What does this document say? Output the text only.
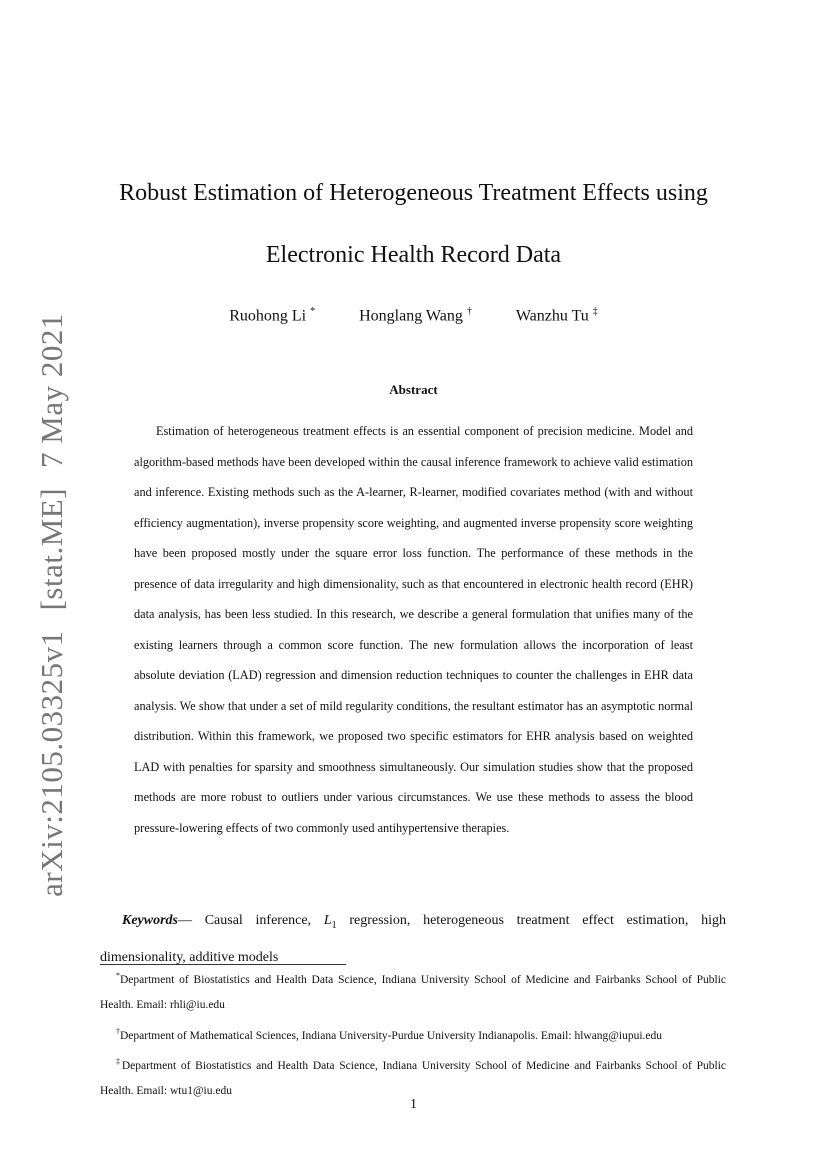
arXiv:2105.03325v1[stat.ME]7 May 2021
Robust Estimation of Heterogeneous Treatment Effects using
Electronic Health Record Data
Ruohong Li *	Honglang Wang †	Wanzhu Tu ‡
Abstract

Estimation of heterogeneous treatment effects is an essential component of precision medicine. Model and algorithm-based methods have been developed within the causal inference framework to achieve valid estimation and inference. Existing methods such as the A-learner, R-learner, modified covariates method (with and without efficiency augmentation), inverse propensity score weighting, and augmented inverse propensity score weighting have been proposed mostly under the square error loss function. The performance of these methods in the presence of data irregularity and high dimensionality, such as that encountered in electronic health record (EHR) data analysis, has been less studied. In this research, we describe a general formulation that unifies many of the existing learners through a common score function. The new formulation allows the incorporation of least absolute deviation (LAD) regression and dimension reduction techniques to counter the challenges in EHR data analysis. We show that under a set of mild regularity conditions, the resultant estimator has an asymptotic normal distribution. Within this framework, we proposed two specific estimators for EHR analysis based on weighted LAD with penalties for sparsity and smoothness simultaneously. Our simulation studies show that the proposed methods are more robust to outliers under various circumstances. We use these methods to assess the blood pressure-lowering effects of two commonly used antihypertensive therapies.

Keywords— Causal inference, $L_1$ regression, heterogeneous treatment effect estimation, high dimensionality, additive models

*Department of Biostatistics and Health Data Science, Indiana University School of Medicine and Fairbanks School of Public Health. Email: rhli@iu.edu

†Department of Mathematical Sciences, Indiana University-Purdue University Indianapolis. Email: hlwang@iupui.edu

‡Department of Biostatistics and Health Data Science, Indiana University School of Medicine and Fairbanks School of Public Health. Email: wtu1@iu.edu

1
